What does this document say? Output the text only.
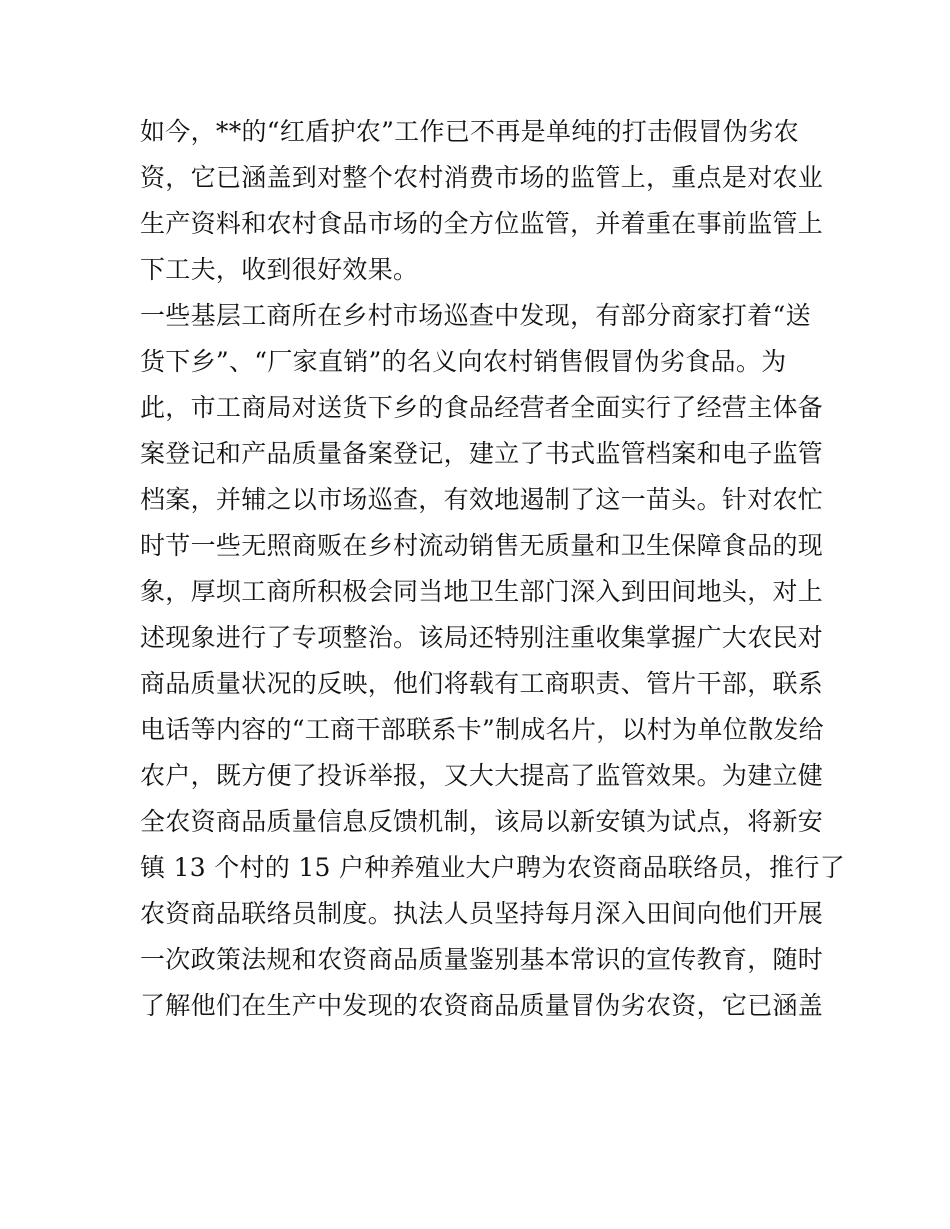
如今，**的“红盾护农”工作已不再是单纯的打击假冒伪劣农
资，它已涵盖到对整个农村消费市场的监管上，重点是对农业
生产资料和农村食品市场的全方位监管，并着重在事前监管上
下工夫，收到很好效果。
一些基层工商所在乡村市场巡查中发现，有部分商家打着“送
货下乡”、“厂家直销”的名义向农村销售假冒伪劣食品。为
此，市工商局对送货下乡的食品经营者全面实行了经营主体备
案登记和产品质量备案登记，建立了书式监管档案和电子监管
档案，并辅之以市场巡查，有效地遏制了这一苗头。针对农忙
时节一些无照商贩在乡村流动销售无质量和卫生保障食品的现
象，厚坝工商所积极会同当地卫生部门深入到田间地头，对上
述现象进行了专项整治。该局还特别注重收集掌握广大农民对
商品质量状况的反映，他们将载有工商职责、管片干部，联系
电话等内容的“工商干部联系卡”制成名片，以村为单位散发给
农户，既方便了投诉举报，又大大提高了监管效果。为建立健
全农资商品质量信息反馈机制，该局以新安镇为试点，将新安
镇 13 个村的 15 户种养殖业大户聘为农资商品联络员，推行了
农资商品联络员制度。执法人员坚持每月深入田间向他们开展
一次政策法规和农资商品质量鉴别基本常识的宣传教育，随时
了解他们在生产中发现的农资商品质量冒伪劣农资，它已涵盖
